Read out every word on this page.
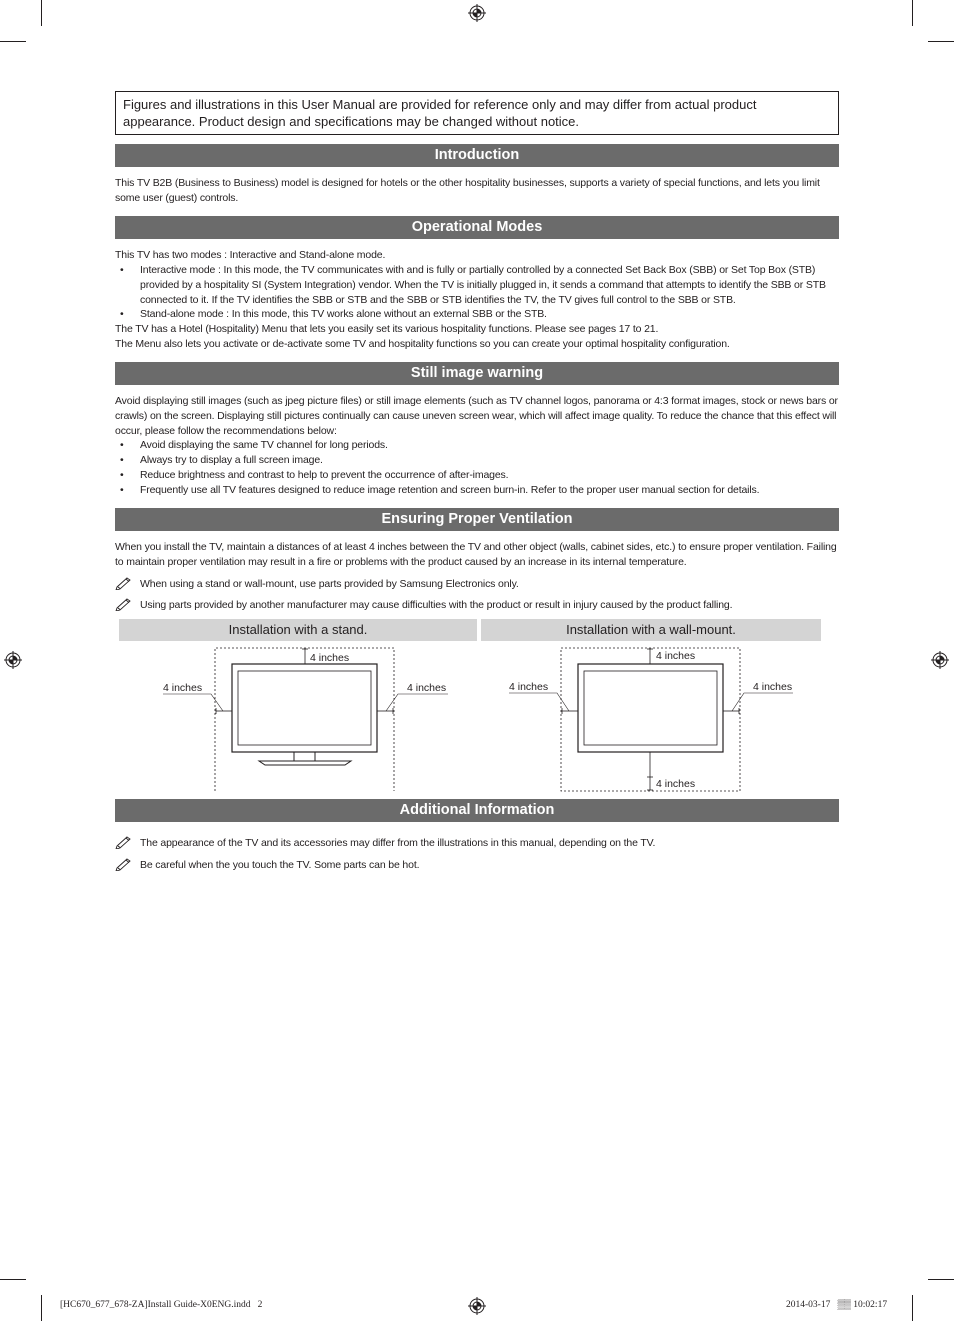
Figures and illustrations in this User Manual are provided for reference only and may differ from actual product appearance. Product design and specifications may be changed without notice.
Introduction
This TV B2B (Business to Business) model is designed for hotels or the other hospitality businesses, supports a variety of special functions, and lets you limit some user (guest) controls.
Operational Modes
This TV has two modes : Interactive and Stand-alone mode.
• Interactive mode : In this mode, the TV communicates with and is fully or partially controlled by a connected Set Back Box (SBB) or Set Top Box (STB) provided by a hospitality SI (System Integration) vendor. When the TV is initially plugged in, it sends a command that attempts to identify the SBB or STB connected to it. If the TV identifies the SBB or STB and the SBB or STB identifies the TV, the TV gives full control to the SBB or STB.
• Stand-alone mode : In this mode, this TV works alone without an external SBB or the STB.
The TV has a Hotel (Hospitality) Menu that lets you easily set its various hospitality functions. Please see pages 17 to 21.
The Menu also lets you activate or de-activate some TV and hospitality functions so you can create your optimal hospitality configuration.
Still image warning
Avoid displaying still images (such as jpeg picture files) or still image elements (such as TV channel logos, panorama or 4:3 format images, stock or news bars or crawls) on the screen. Displaying still pictures continually can cause uneven screen wear, which will affect image quality. To reduce the chance that this effect will occur, please follow the recommendations below:
• Avoid displaying the same TV channel for long periods.
• Always try to display a full screen image.
• Reduce brightness and contrast to help to prevent the occurrence of after-images.
• Frequently use all TV features designed to reduce image retention and screen burn-in. Refer to the proper user manual section for details.
Ensuring Proper Ventilation
When you install the TV, maintain a distances of at least 4 inches between the TV and other object (walls, cabinet sides, etc.) to ensure proper ventilation. Failing to maintain proper ventilation may result in a fire or problems with the product caused by an increase in its internal temperature.
When using a stand or wall-mount, use parts provided by Samsung Electronics only.
Using parts provided by another manufacturer may cause difficulties with the product or result in injury caused by the product falling.
Installation with a stand.
4 inches
4 inches	4 inches
Installation with a wall-mount.
4 inches
4 inches
4 inches	4 inches
Additional Information
The appearance of the TV and its accessories may differ from the illustrations in this manual, depending on the TV.
Be careful when the you touch the TV. Some parts can be hot.
[HC670_677_678-ZA]Install Guide-X0ENG.indd   2	2014-03-17   ▒▒ 10:02:17
